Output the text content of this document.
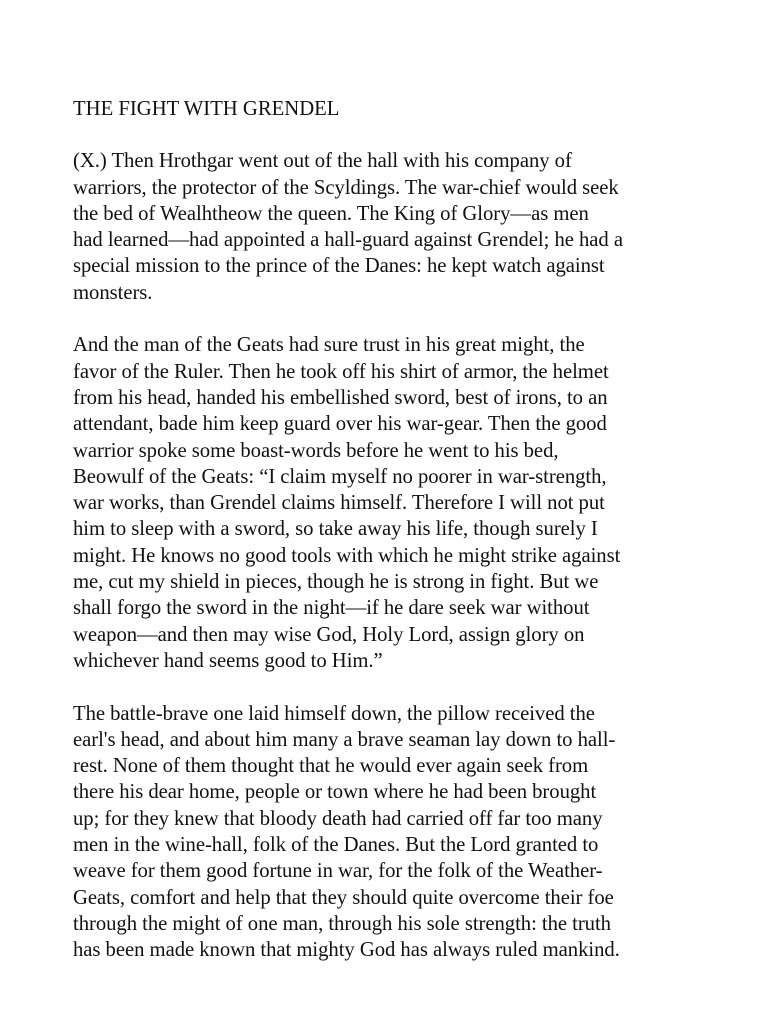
THE FIGHT WITH GRENDEL
(X.) Then Hrothgar went out of the hall with his company of
warriors, the protector of the Scyldings. The war-chief would seek
the bed of Wealhtheow the queen. The King of Glory—as men
had learned—had appointed a hall-guard against Grendel; he had a
special mission to the prince of the Danes: he kept watch against
monsters.
And the man of the Geats had sure trust in his great might, the
favor of the Ruler. Then he took off his shirt of armor, the helmet
from his head, handed his embellished sword, best of irons, to an
attendant, bade him keep guard over his war-gear. Then the good
warrior spoke some boast-words before he went to his bed,
Beowulf of the Geats: “I claim myself no poorer in war-strength,
war works, than Grendel claims himself. Therefore I will not put
him to sleep with a sword, so take away his life, though surely I
might. He knows no good tools with which he might strike against
me, cut my shield in pieces, though he is strong in fight. But we
shall forgo the sword in the night—if he dare seek war without
weapon—and then may wise God, Holy Lord, assign glory on
whichever hand seems good to Him.”
The battle-brave one laid himself down, the pillow received the
earl's head, and about him many a brave seaman lay down to hall-
rest. None of them thought that he would ever again seek from
there his dear home, people or town where he had been brought
up; for they knew that bloody death had carried off far too many
men in the wine-hall, folk of the Danes. But the Lord granted to
weave for them good fortune in war, for the folk of the Weather-
Geats, comfort and help that they should quite overcome their foe
through the might of one man, through his sole strength: the truth
has been made known that mighty God has always ruled mankind.
